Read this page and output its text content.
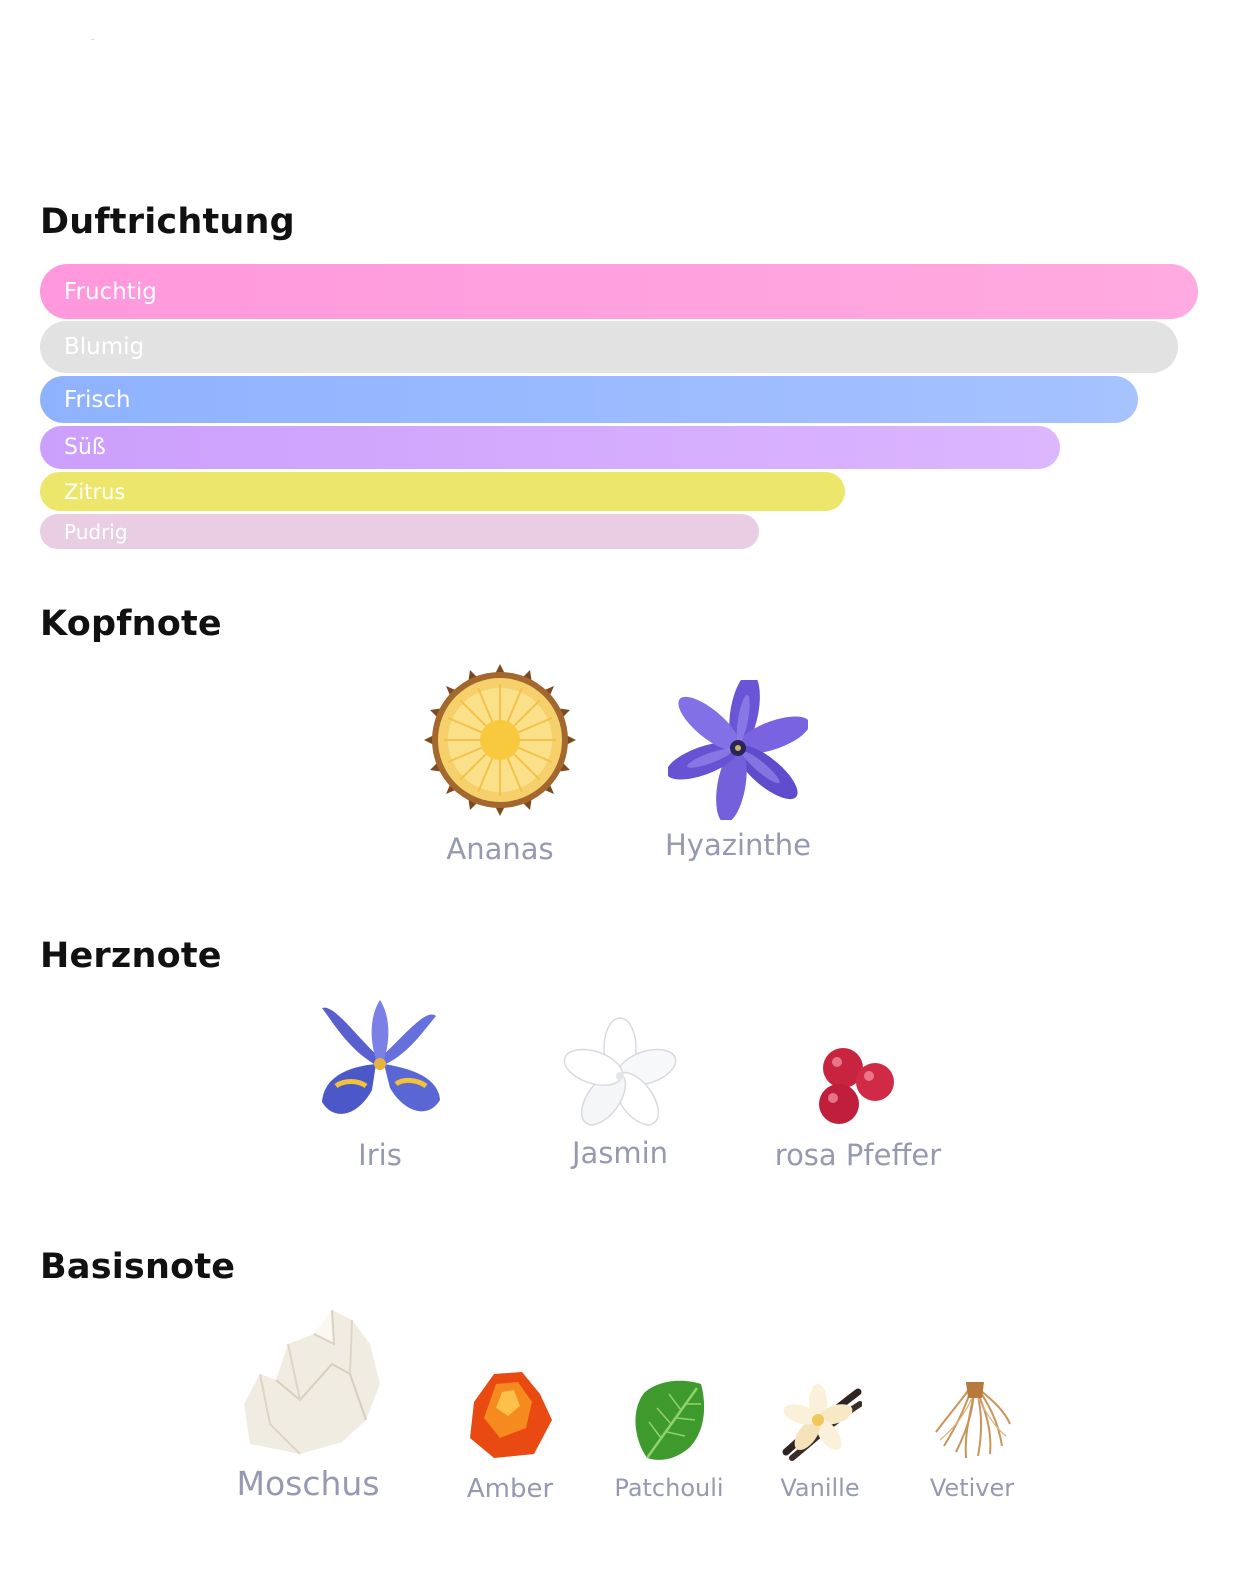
Duftrichtung
Fruchtig
Blumig
Frisch
Süß
Zitrus
Pudrig
Kopfnote
Ananas	Hyazinthe
Herznote
Iris	Jasmin	rosa Pfeffer
Basisnote
Moschus	Amber	Patchouli	Vanille	Vetiver
